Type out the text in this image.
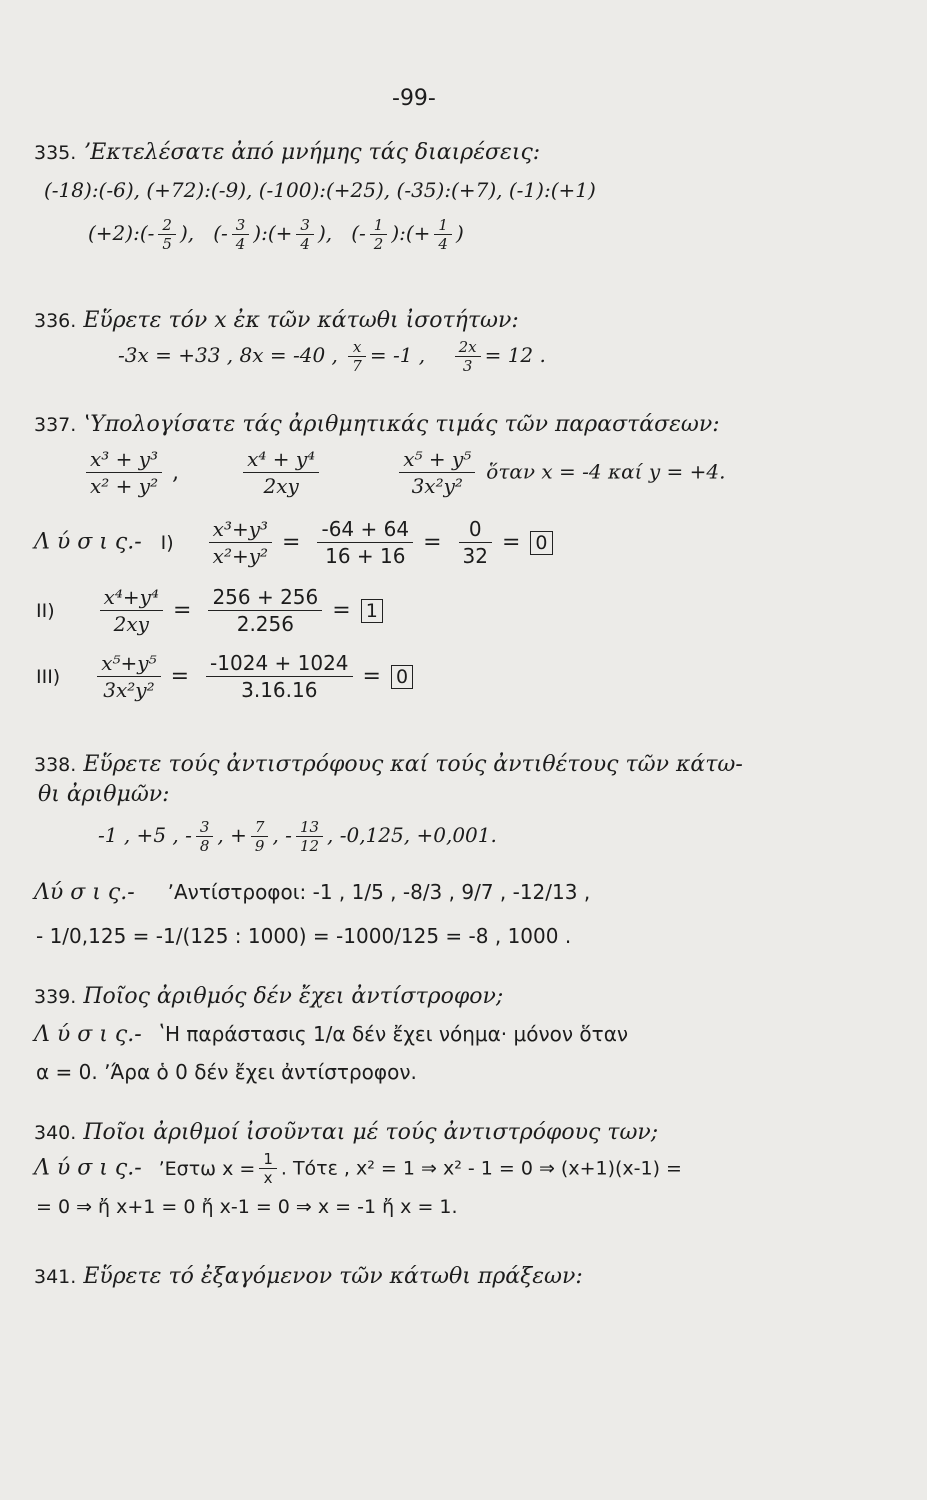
-99-
335. ʼΕκτελέσατε ἀπό μνήμης τάς διαιρέσεις:
(-18):(-6), (+72):(-9), (-100):(+25), (-35):(+7), (-1):(+1)
(+2):(- $\frac{2}{5}$ ), (- $\frac{3}{4}$ ):(+ $\frac{3}{4}$ ), (- $\frac{1}{2}$ ):(+ $\frac{1}{4}$ )
336. Εὕρετε τόν x ἐκ τῶν κάτωθι ἰσοτήτων:
-3x = +33 , 8x = -40 , $\frac{x}{7} = -1$ , $\frac{2x}{3} = 12$ .
337. ʽΥπολογίσατε τάς ἀριθμητικάς τιμάς τῶν παραστάσεων:
$\frac{\text{x³ + y³}}{\text{x² + y²}}$ ,	$\frac{\text{x⁴ + y⁴}}{2xy}$
	$\frac{\text{x⁵ + y⁵}}{\text{3x²y²}}$ ὅταν x = -4 καί y = +4.
Λ ύ σ ι ς.- $I) \frac{\text{x³+y³}}{\text{x²+y²}} = \frac{-64 + 64}{16 + 16} = \frac{0}{32} = 0$
$II) \frac{\text{x⁴+y⁴}}{2xy} = \frac{256 + 256}{2.256} = 1$
$III) \frac{\text{x⁵+y⁵}}{\text{3x²y²}} = \frac{-1024 + 1024}{3.16.16} = 0$
338. Εὕρετε τούς ἀντιστρόφους καί τούς ἀντιθέτους τῶν κάτω-
θι ἀριθμῶν:
-1 , +5 , - $\frac{3}{8}$ , + $\frac{7}{9}$ , - $\frac{13}{12}$ , -0,125, +0,001.
Λύ σ ι ς.- ʼΑντίστροφοι: -1 , 1/5 , -8/3 , 9/7 , -12/13 ,
- 1/0,125 = -1/(125 : 1000) = -1000/125 = -8 , 1000 .
339. Ποῖος ἀριθμός δέν ἔχει ἀντίστροφον;
Λ ύ σ ι ς.- ʽΗ παράστασις 1/α δέν ἔχει νόημα· μόνον ὅταν
α = 0. ʼΆρα ὁ 0 δέν ἔχει ἀντίστροφον.
340. Ποῖοι ἀριθμοί ἰσοῦνται μέ τούς ἀντιστρόφους των;
Λ ύ σ ι ς.- ʼΕστω $x = \frac{1}{x}$ . Τότε , x² = 1 ⇒ x² - 1 = 0 ⇒ (x+1)(x-1) =
= 0 ⇒ ἤ x+1 = 0 ἤ x-1 = 0 ⇒ x = -1 ἤ x = 1.
341. Εὕρετε τό ἐξαγόμενον τῶν κάτωθι πράξεων:
